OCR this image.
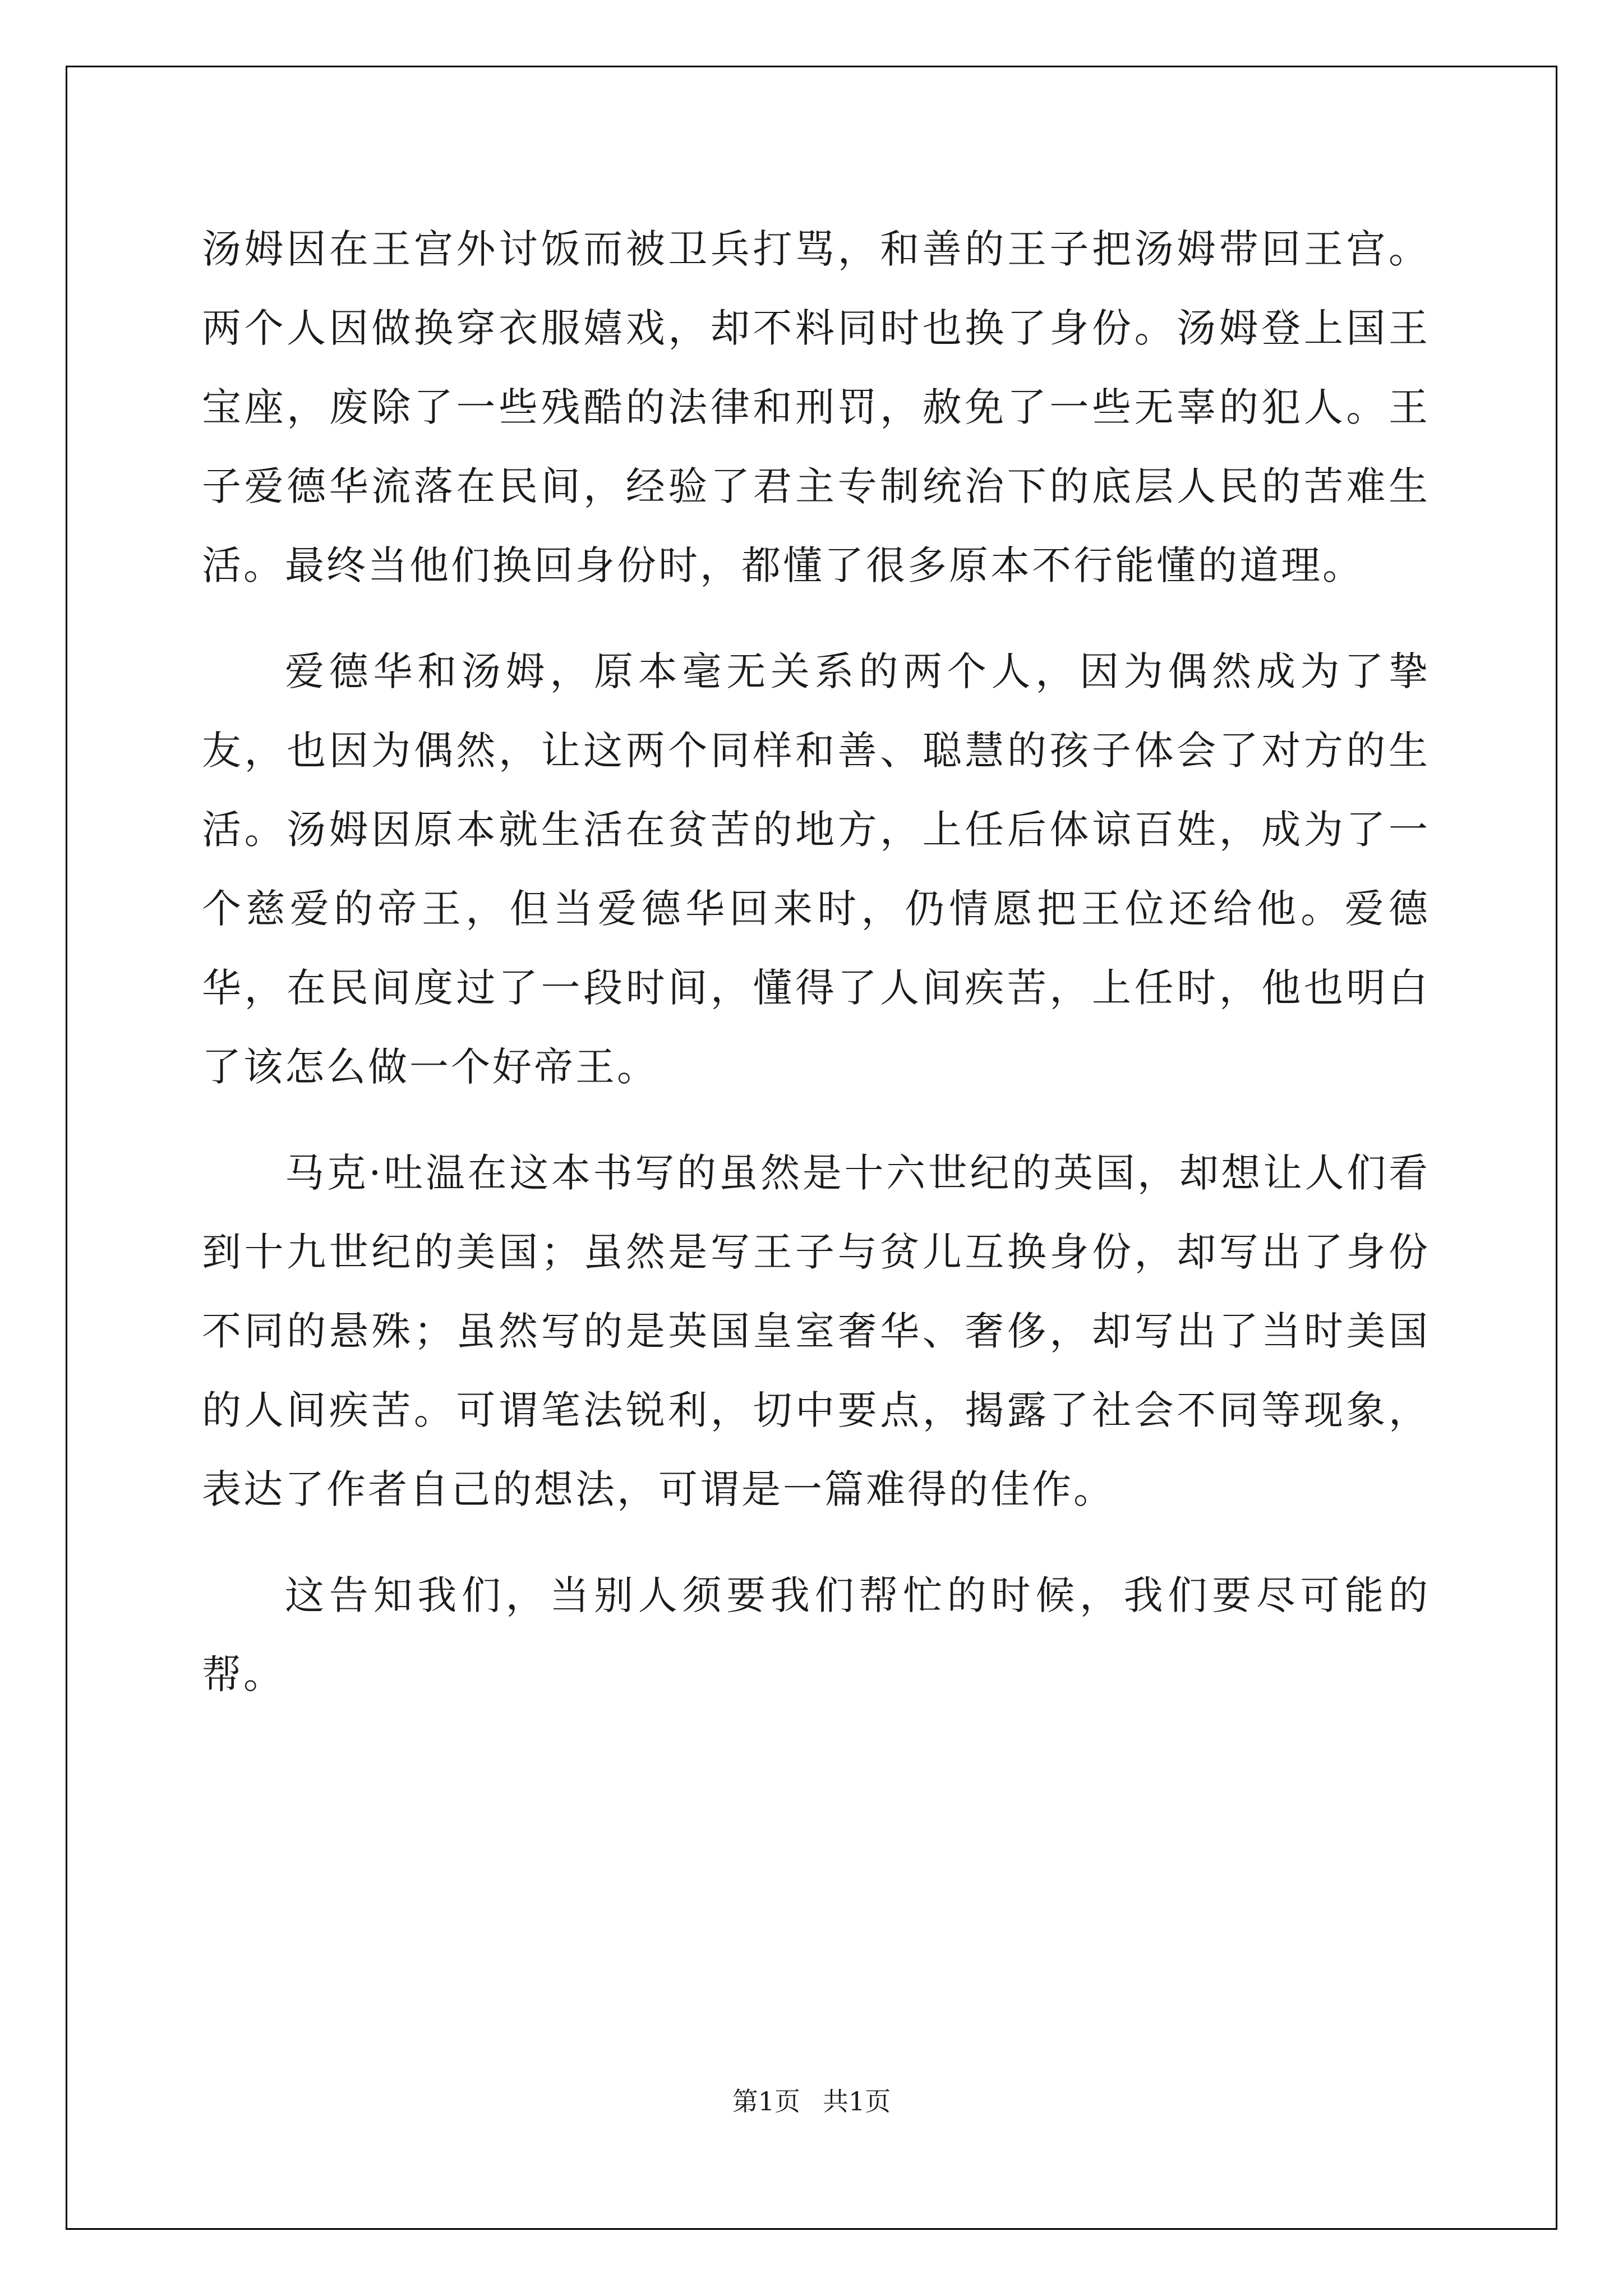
汤姆因在王宫外讨饭而被卫兵打骂，和善的王子把汤姆带回王宫。两个人因做换穿衣服嬉戏，却不料同时也换了身份。汤姆登上国王宝座，废除了一些残酷的法律和刑罚，赦免了一些无辜的犯人。王子爱德华流落在民间，经验了君主专制统治下的底层人民的苦难生活。最终当他们换回身份时，都懂了很多原本不行能懂的道理。

爱德华和汤姆，原本毫无关系的两个人，因为偶然成为了挚友，也因为偶然，让这两个同样和善、聪慧的孩子体会了对方的生活。汤姆因原本就生活在贫苦的地方，上任后体谅百姓，成为了一个慈爱的帝王，但当爱德华回来时，仍情愿把王位还给他。爱德华，在民间度过了一段时间，懂得了人间疾苦，上任时，他也明白了该怎么做一个好帝王。

马克·吐温在这本书写的虽然是十六世纪的英国，却想让人们看到十九世纪的美国；虽然是写王子与贫儿互换身份，却写出了身份不同的悬殊；虽然写的是英国皇室奢华、奢侈，却写出了当时美国的人间疾苦。可谓笔法锐利，切中要点，揭露了社会不同等现象，表达了作者自己的想法，可谓是一篇难得的佳作。

这告知我们，当别人须要我们帮忙的时候，我们要尽可能的帮。

第1页 共1页
